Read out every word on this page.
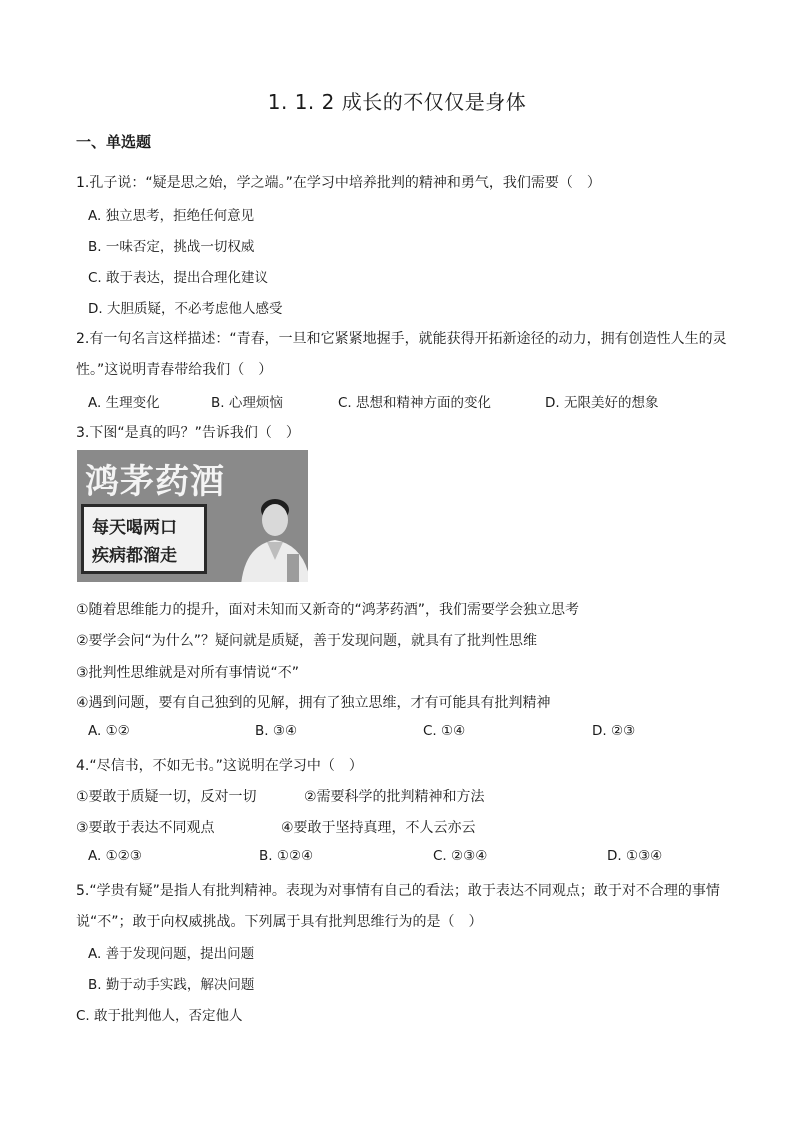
1. 1. 2 成长的不仅仅是身体
一、单选题
1.孔子说：“疑是思之始，学之端。”在学习中培养批判的精神和勇气，我们需要（　）
A. 独立思考，拒绝任何意见
B. 一味否定，挑战一切权威
C. 敢于表达，提出合理化建议
D. 大胆质疑，不必考虑他人感受
2.有一句名言这样描述：“青春，一旦和它紧紧地握手，就能获得开拓新途径的动力，拥有创造性人生的灵
性。”这说明青春带给我们（　）
A. 生理变化	B. 心理烦恼	C. 思想和精神方面的变化	D. 无限美好的想象
3.下图“是真的吗？”告诉我们（　）
鸿茅药酒
每天喝两口
疾病都溜走
①随着思维能力的提升，面对未知而又新奇的“鸿茅药酒”，我们需要学会独立思考
②要学会问“为什么”？疑问就是质疑，善于发现问题，就具有了批判性思维
③批判性思维就是对所有事情说“不”
④遇到问题，要有自己独到的见解，拥有了独立思维，才有可能具有批判精神
A. ①②	B. ③④	C. ①④	D. ②③
4.“尽信书，不如无书。”这说明在学习中（　）
①要敢于质疑一切，反对一切	②需要科学的批判精神和方法
③要敢于表达不同观点	④要敢于坚持真理，不人云亦云
A. ①②③	B. ①②④	C. ②③④	D. ①③④
5.“学贵有疑”是指人有批判精神。表现为对事情有自己的看法；敢于表达不同观点；敢于对不合理的事情
说“不”；敢于向权威挑战。下列属于具有批判思维行为的是（　）
A. 善于发现问题，提出问题
B. 勤于动手实践，解决问题
C. 敢于批判他人，否定他人
